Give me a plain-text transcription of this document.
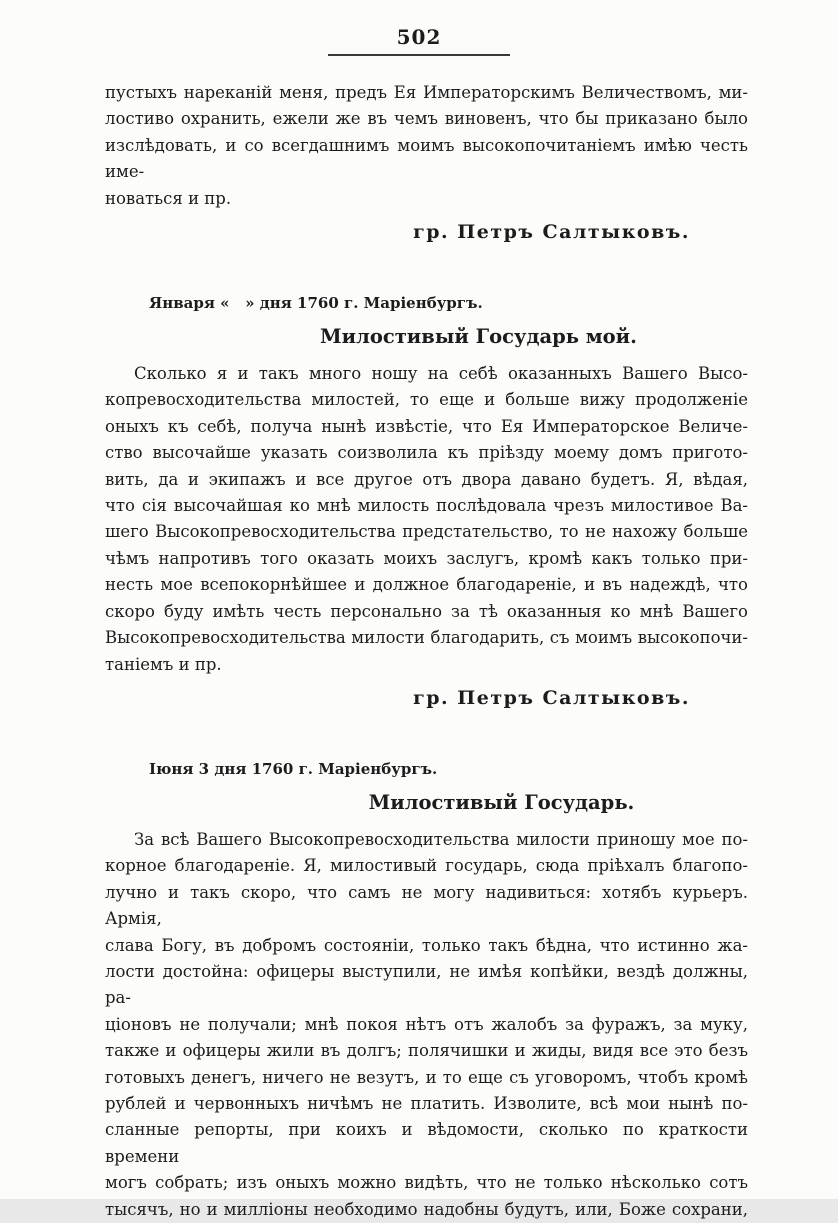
502
пустыхъ нареканій меня, предъ Ея Императорскимъ Величествомъ, ми-
лостиво охранить, ежели же въ чемъ виновенъ, что бы приказано было
изслѣдовать, и со всегдашнимъ моимъ высокопочитаніемъ имѣю честь име-
новаться и пр.
гр. Петръ Салтыковъ.
Января «   » дня 1760 г. Маріенбургъ.
Милостивый Государь мой.
Сколько я и такъ много ношу на себѣ оказанныхъ Вашего Высо-
копревосходительства милостей, то еще и больше вижу продолженіе
оныхъ къ себѣ, получа нынѣ извѣстіе, что Ея Императорское Величе-
ство высочайше указать соизволила къ пріѣзду моему домъ пригото-
вить, да и экипажъ и все другое отъ двора давано будетъ. Я, вѣдая,
что сія высочайшая ко мнѣ милость послѣдовала чрезъ милостивое Ва-
шего Высокопревосходительства предстательство, то не нахожу больше
чѣмъ напротивъ того оказать моихъ заслугъ, кромѣ какъ только при-
несть мое всепокорнѣйшее и должное благодареніе, и въ надеждѣ, что
скоро буду имѣть честь персонально за тѣ оказанныя ко мнѣ Вашего
Высокопревосходительства милости благодарить, съ моимъ высокопочи-
таніемъ и пр.
гр. Петръ Салтыковъ.
Іюня 3 дня 1760 г. Маріенбургъ.
Милостивый Государь.
За всѣ Вашего Высокопревосходительства милости приношу мое по-
корное благодареніе. Я, милостивый государь, сюда пріѣхалъ благопо-
лучно и такъ скоро, что самъ не могу надивиться: хотябъ курьеръ. Армія,
слава Богу, въ добромъ состояніи, только такъ бѣдна, что истинно жа-
лости достойна: офицеры выступили, не имѣя копѣйки, вездѣ должны, ра-
ціоновъ не получали; мнѣ покоя нѣтъ отъ жалобъ за фуражъ, за муку,
также и офицеры жили въ долгъ; полячишки и жиды, видя все это безъ
готовыхъ денегъ, ничего не везутъ, и то еще съ уговоромъ, чтобъ кромѣ
рублей и червонныхъ ничѣмъ не платить. Изволите, всѣ мои нынѣ по-
сланные репорты, при коихъ и вѣдомости, сколько по краткости времени
могъ собрать; изъ оныхъ можно видѣть, что не только нѣсколько сотъ
тысячъ, но и милліоны необходимо надобны будутъ, или, Боже сохрани,
